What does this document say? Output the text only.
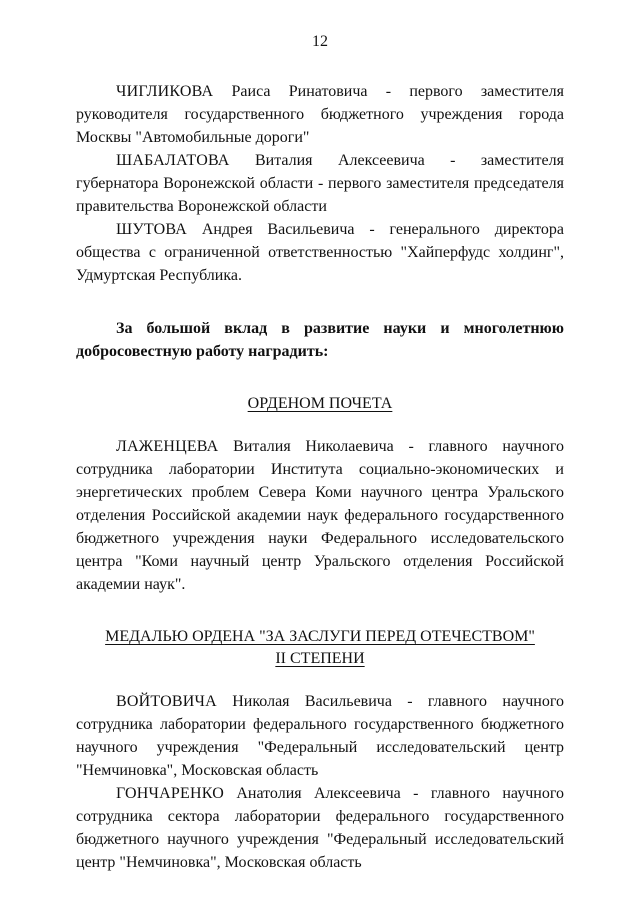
12

ЧИГЛИКОВА Раиса Ринатовича - первого заместителя руководителя государственного бюджетного учреждения города Москвы "Автомобильные дороги"

ШАБАЛАТОВА Виталия Алексеевича - заместителя губернатора Воронежской области - первого заместителя председателя правительства Воронежской области

ШУТОВА Андрея Васильевича - генерального директора общества с ограниченной ответственностью "Хайперфудс холдинг", Удмуртская Республика.

За большой вклад в развитие науки и многолетнюю добросовестную работу наградить:

ОРДЕНОМ ПОЧЕТА

ЛАЖЕНЦЕВА Виталия Николаевича - главного научного сотрудника лаборатории Института социально-экономических и энергетических проблем Севера Коми научного центра Уральского отделения Российской академии наук федерального государственного бюджетного учреждения науки Федерального исследовательского центра "Коми научный центр Уральского отделения Российской академии наук".

МЕДАЛЬЮ ОРДЕНА "ЗА ЗАСЛУГИ ПЕРЕД ОТЕЧЕСТВОМ"

II СТЕПЕНИ

ВОЙТОВИЧА Николая Васильевича - главного научного сотрудника лаборатории федерального государственного бюджетного научного учреждения "Федеральный исследовательский центр "Немчиновка", Московская область

ГОНЧАРЕНКО Анатолия Алексеевича - главного научного сотрудника сектора лаборатории федерального государственного бюджетного научного учреждения "Федеральный исследовательский центр "Немчиновка", Московская область
